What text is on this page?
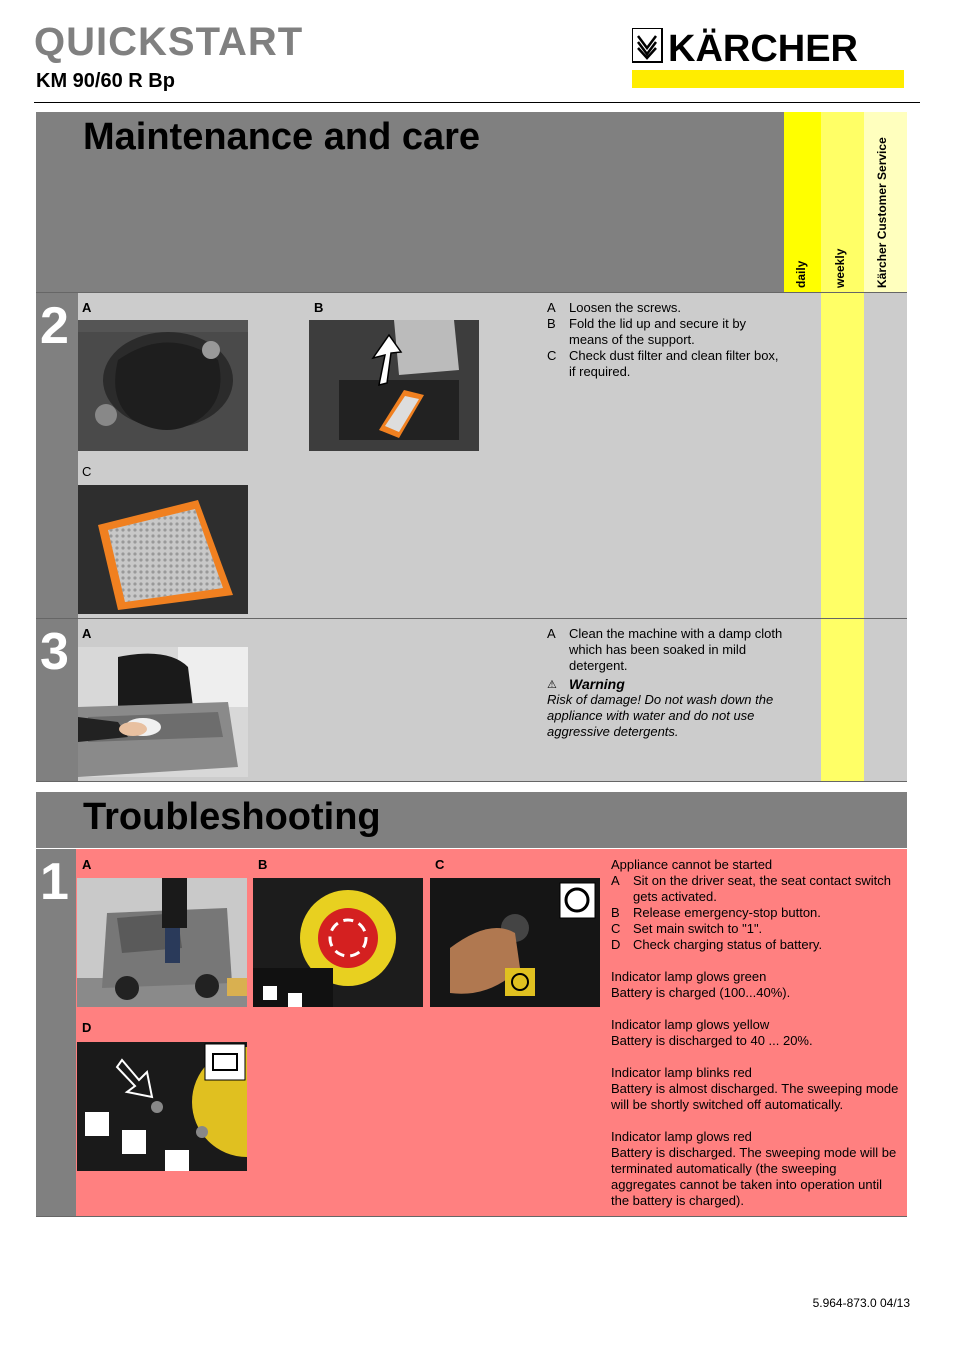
QUICKSTART
KM 90/60 R Bp
KÄRCHER
Maintenance and care
daily weekly Kärcher Customer Service
2 A	B
C
A	Loosen the screws.
B	Fold the lid up and secure it by means of the support.
C Check dust filter and clean filter box, if required.
3 A	A	Clean the machine with a damp cloth which has been soaked in mild detergent.
⚠ Warning
Risk of damage! Do not wash down the appliance with water and do not use aggressive detergents.
Troubleshooting
1 A	B	C
D
Appliance cannot be started
A	Sit on the driver seat, the seat contact switch gets activated.
B	Release emergency-stop button.
C Set main switch to "1".
D Check charging status of battery.
Indicator lamp glows green
Battery is charged (100...40%).
Indicator lamp glows yellow
Battery is discharged to 40 ... 20%.
Indicator lamp blinks red
Battery is almost discharged. The sweeping mode will be shortly switched off automatically.
Indicator lamp glows red
Battery is discharged. The sweeping mode will be terminated automatically (the sweeping aggregates cannot be taken into operation until the battery is charged).
5.964-873.0 04/13
